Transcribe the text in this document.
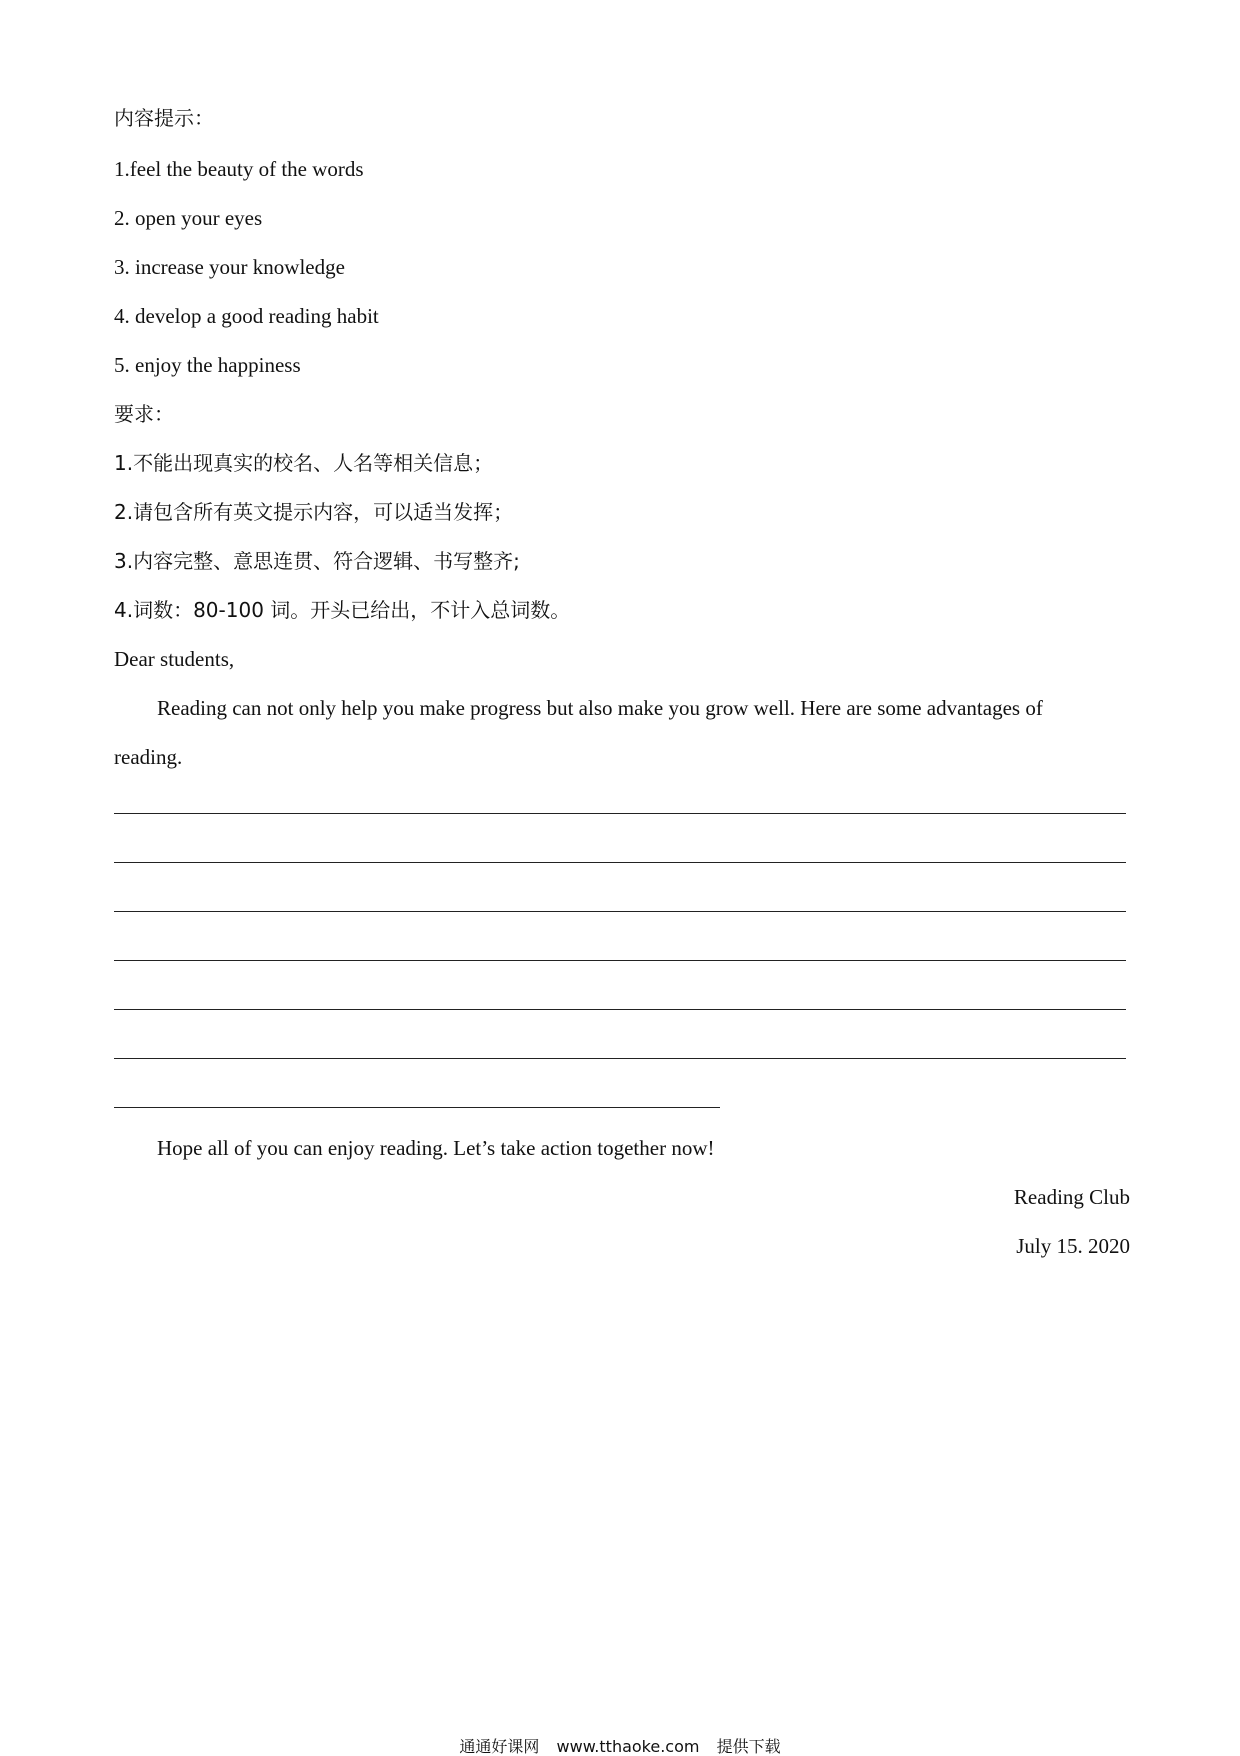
内容提示：
1.feel the beauty of the words
2. open your eyes
3. increase your knowledge
4. develop a good reading habit
5. enjoy the happiness
要求：
1.不能出现真实的校名、人名等相关信息；
2.请包含所有英文提示内容，可以适当发挥；
3.内容完整、意思连贯、符合逻辑、书写整齐;
4.词数：80-100 词。开头已给出，不计入总词数。
Dear students,
Reading can not only help you make progress but also make you grow well. Here are some advantages of
reading.
Hope all of you can enjoy reading. Let’s take action together now!
Reading Club
July 15. 2020
通通好课网 www.tthaoke.com 提供下载
